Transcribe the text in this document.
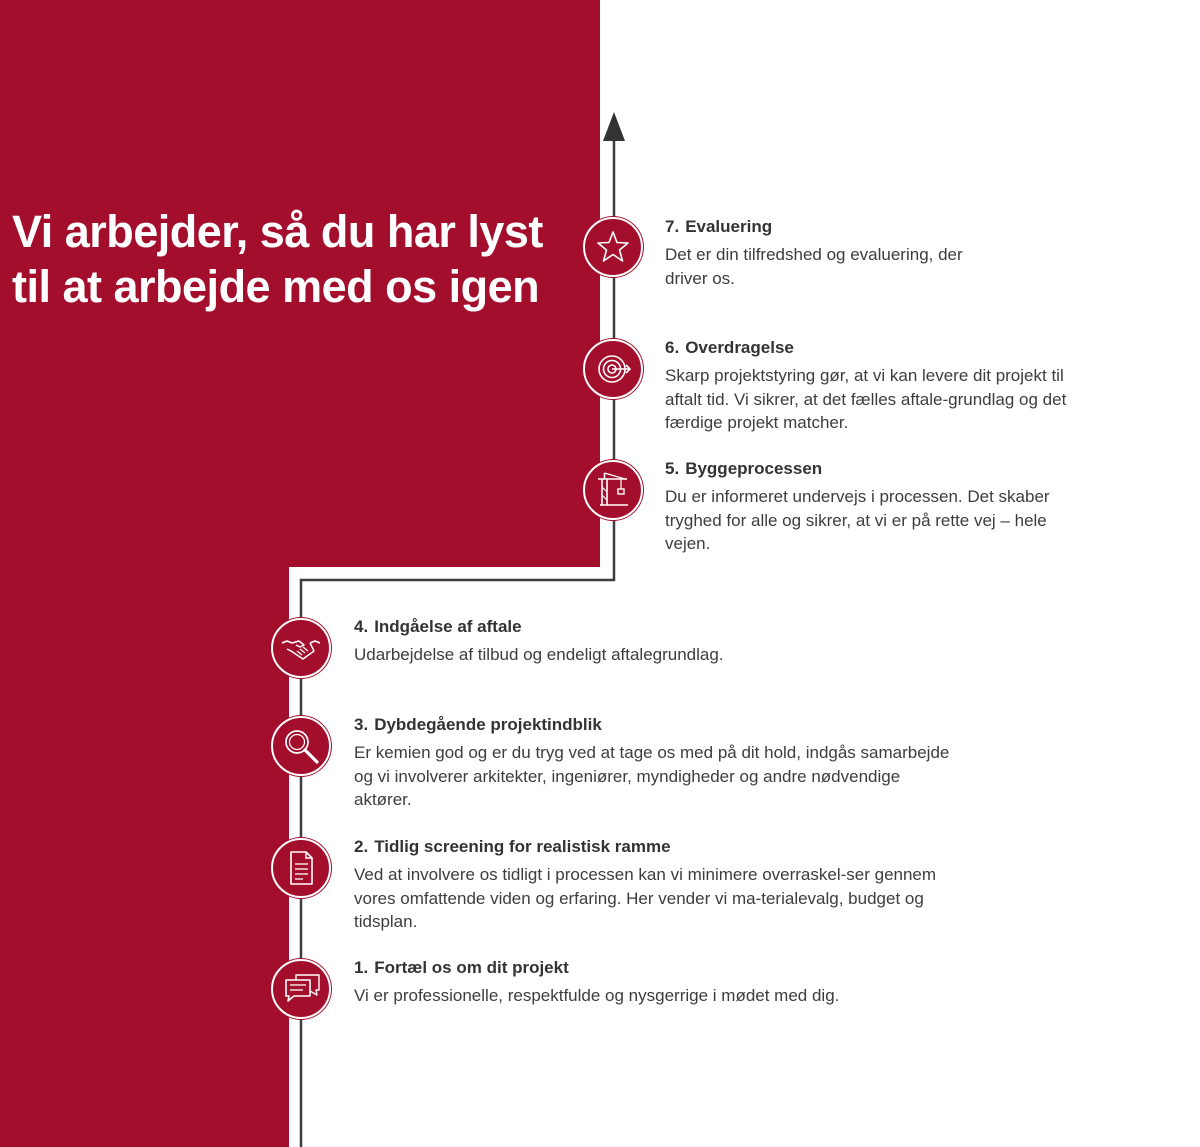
Vi arbejder, så du har lyst til at arbejde med os igen
7. Evaluering

Det er din tilfredshed og evaluering, der driver os.

6. Overdragelse

Skarp projektstyring gør, at vi kan levere dit projekt til aftalt tid. Vi sikrer, at det fælles aftale-grundlag og det færdige projekt matcher.

5. Byggeprocessen

Du er informeret undervejs i processen. Det skaber tryghed for alle og sikrer, at vi er på rette vej – hele vejen.

4. Indgåelse af aftale

Udarbejdelse af tilbud og endeligt aftalegrundlag.

3. Dybdegående projektindblik

Er kemien god og er du tryg ved at tage os med på dit hold, indgås samarbejde og vi involverer arkitekter, ingeniører, myndigheder og andre nødvendige aktører.

2. Tidlig screening for realistisk ramme

Ved at involvere os tidligt i processen kan vi minimere overraskel-ser gennem vores omfattende viden og erfaring. Her vender vi ma-terialevalg, budget og tidsplan.

1. Fortæl os om dit projekt

Vi er professionelle, respektfulde og nysgerrige i mødet med dig.
